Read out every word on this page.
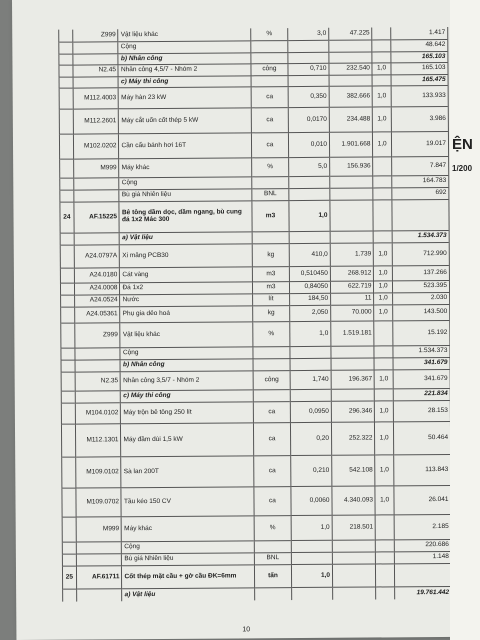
	Z999	Vật liệu khác	%	3,0	47.225		1.417
		Cộng					48.642
		b) Nhân công					165.103
	N2.45	Nhân công 4,5/7 - Nhóm 2	công	0,710	232.540	1,0	165.103
		c) Máy thi công					165.475
	M112.4003	Máy hàn 23 kW	ca	0,350	382.666	1,0	133.933
	M112.2601	Máy cắt uốn cốt thép 5 kW	ca	0,0170	234.488	1,0	3.986
	M102.0202	Cần cẩu bánh hơi 16T	ca	0,010	1.901.668	1,0	19.017
	M999	Máy khác	%	5,0	156.936		7.847
		Cộng					164.783
		Bù giá Nhiên liệu	BNL				692
24	AF.15225	Bê tông dầm dọc, dầm ngang, bù cung đá 1x2 Mác 300	m3	1,0			
		a) Vật liệu					1.534.373
	A24.0797A	Xi măng PCB30	kg	410,0	1.739	1,0	712.990
	A24.0180	Cát vàng	m3	0,510450	268.912	1,0	137.266
	A24.0008	Đá 1x2	m3	0,84050	622.719	1,0	523.395
	A24.0524	Nước	lít	184,50	11	1,0	2.030
	A24.05361	Phụ gia dẻo hoá	kg	2,050	70.000	1,0	143.500
	Z999	Vật liệu khác	%	1,0	1.519.181		15.192
		Cộng					1.534.373
		b) Nhân công					341.679
	N2.35	Nhân công 3,5/7 - Nhóm 2	công	1,740	196.367	1,0	341.679
		c) Máy thi công					221.834
	M104.0102	Máy trộn bê tông 250 lít	ca	0,0950	296.346	1,0	28.153
	M112.1301	Máy đầm dùi 1,5 kW	ca	0,20	252.322	1,0	50.464
	M109.0102	Sà lan 200T	ca	0,210	542.108	1,0	113.843
	M109.0702	Tầu kéo 150 CV	ca	0,0060	4.340.093	1,0	26.041
	M999	Máy khác	%	1,0	218.501		2.185
		Cộng					220.686
		Bù giá Nhiên liệu	BNL				1.148
25	AF.61711	Cốt thép mặt cầu + gờ cầu ĐK=6mm	tấn	1,0			
		a) Vật liệu					19.761.442
10
ỆN
1/200
